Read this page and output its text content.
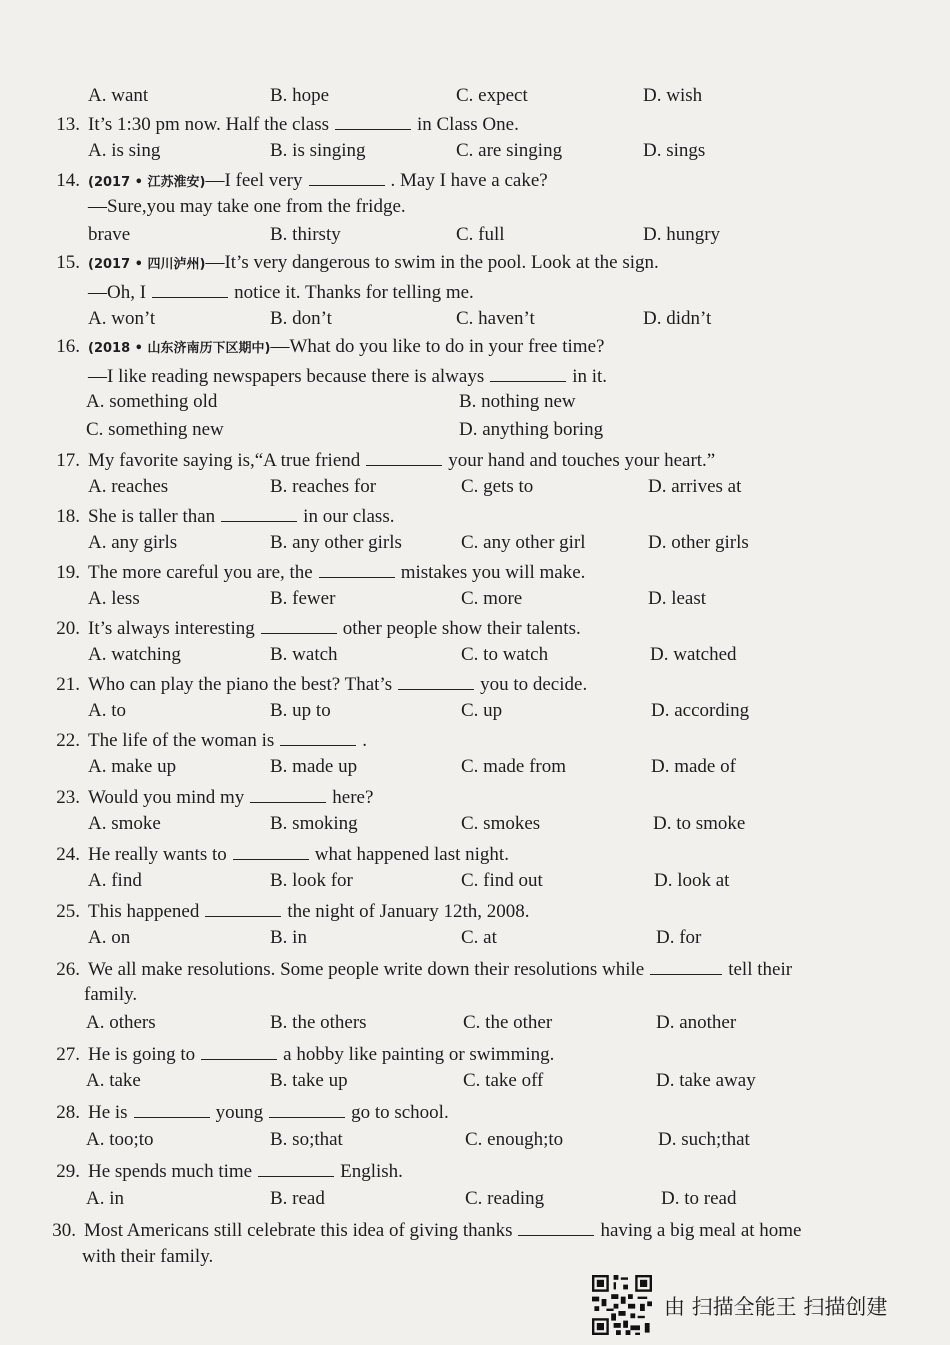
A. want	B. hope	C. expect	D. wish
13. It’s 1:30 pm now. Half the class	in Class One.
A. is sing	B. is singing	C. are singing	D. sings
14. (2017 • 江苏淮安)—I feel very	. May I have a cake?
—Sure,you may take one from the fridge.
brave	B. thirsty	C. full	D. hungry
15. (2017 • 四川泸州)—It’s very dangerous to swim in the pool. Look at the sign.
—Oh, I	notice it. Thanks for telling me.
A. won’t	B. don’t	C. haven’t	D. didn’t
16. (2018 • 山东济南历下区期中)—What do you like to do in your free time?
—I like reading newspapers because there is always	in it.
A. something old	B. nothing new
C. something new	D. anything boring
17. My favorite saying is,“A true friend	your hand and touches your heart.”
A. reaches	B. reaches for	C. gets to	D. arrives at
18. She is taller than	in our class.
A. any girls	B. any other girls	C. any other girl	D. other girls
19. The more careful you are, the	mistakes you will make.
A. less	B. fewer	C. more	D. least
20. It’s always interesting	other people show their talents.
A. watching	B. watch	C. to watch	D. watched
21. Who can play the piano the best? That’s	you to decide.
A. to	B. up to	C. up	D. according
22. The life of the woman is	.
A. make up	B. made up	C. made from	D. made of
23. Would you mind my	here?
A. smoke	B. smoking	C. smokes	D. to smoke
24. He really wants to	what happened last night.
A. find	B. look for	C. find out	D. look at
25. This happened	the night of January 12th, 2008.
A. on	B. in	C. at	D. for
26. We all make resolutions. Some people write down their resolutions while	tell their
family.
A. others	B. the others	C. the other	D. another
27. He is going to	a hobby like painting or swimming.
A. take	B. take up	C. take off	D. take away
28. He is	young	go to school.
A. too;to	B. so;that	C. enough;to	D. such;that
29. He spends much time	English.
A. in	B. read	C. reading	D. to read
30. Most Americans still celebrate this idea of giving thanks	having a big meal at home
with their family.
由 扫描全能王 扫描创建
